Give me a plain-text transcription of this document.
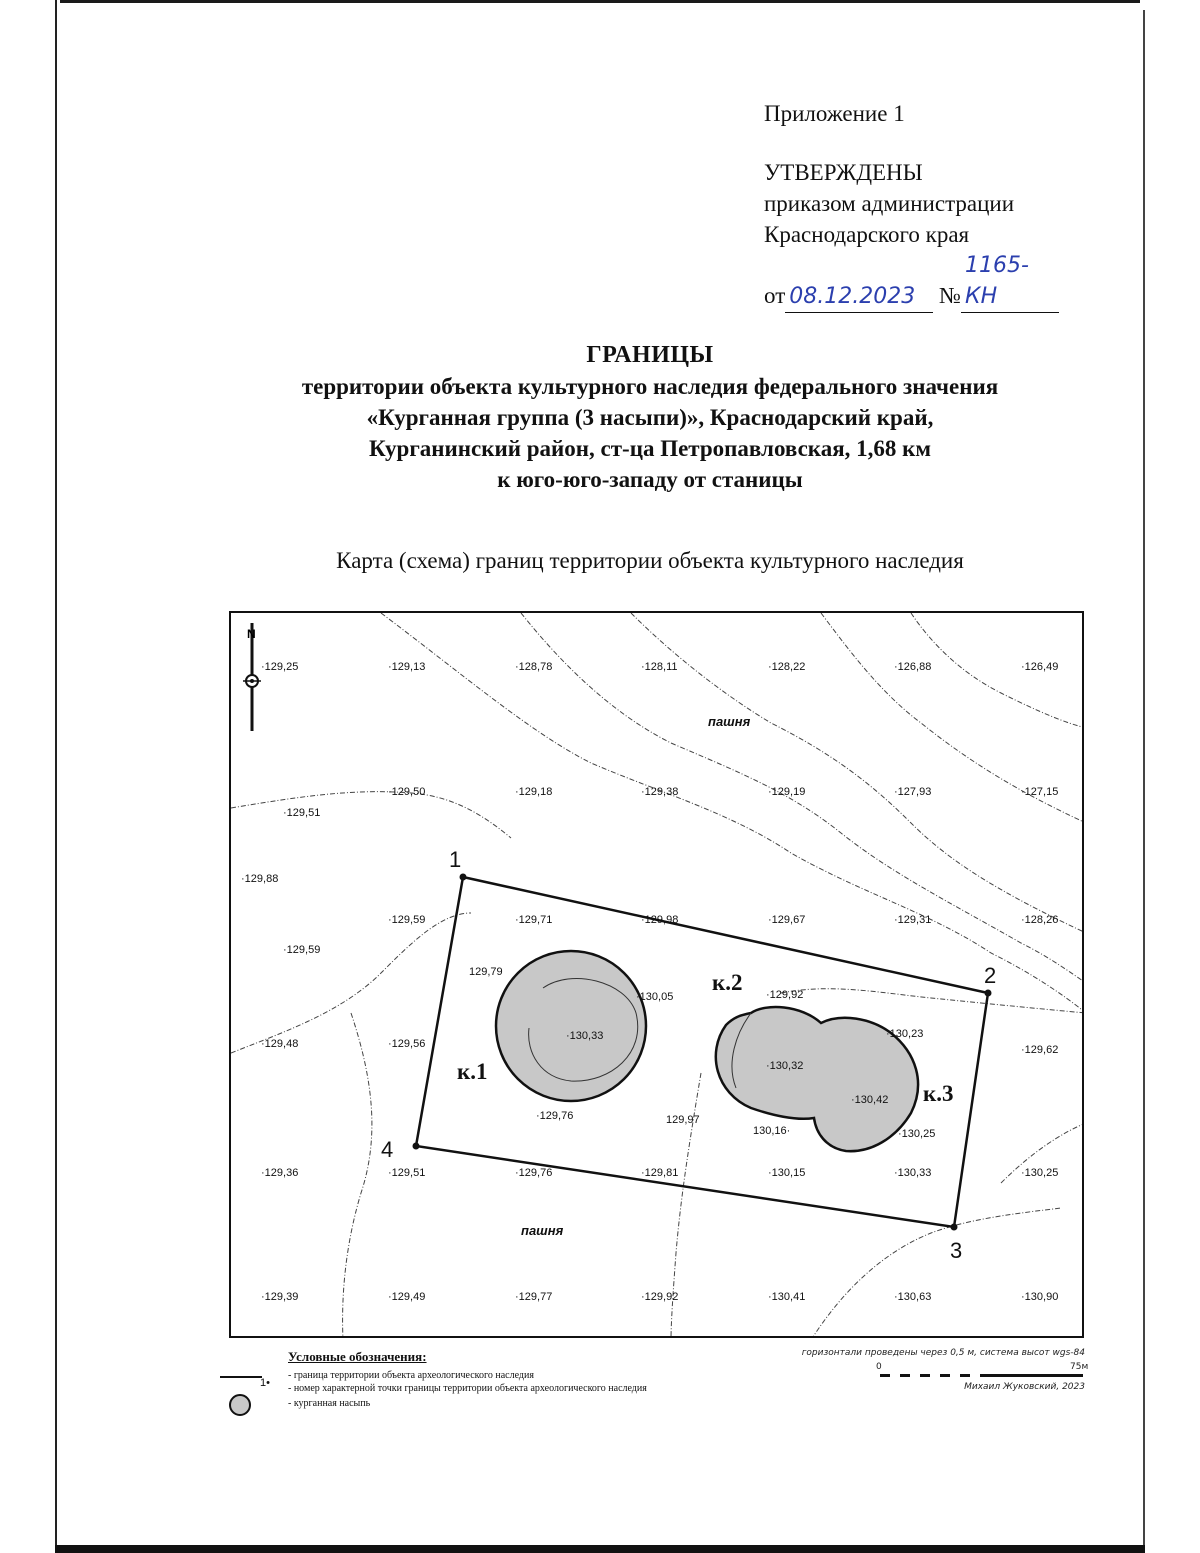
Приложение 1
УТВЕРЖДЕНЫ
приказом администрации
Краснодарского края
от 08.12.2023 №1165-КН
ГРАНИЦЫ
территории объекта культурного наследия федерального значения
«Курганная группа (3 насыпи)», Краснодарский край,
Курганинский район, ст-ца Петропавловская, 1,68 км
к юго-юго-западу от станицы
Карта (схема) границ территории объекта культурного наследия
N
1
2
3
4
к.1
к.2
к.3
пашня
пашня
·129,25	·129,13	·128,78	·128,11	·128,22	·126,88	·126,49
·129,50	·129,18	·129,38	·129,19	·127,93	·127,15
·129,51
·129,88
·129,59	·129,71	·129,98	·129,67	·129,31	·128,26
·129,59
129,79
·130,05	·129,92
·130,33	·130,23
·129,48	·129,56
·130,32
·129,62
·129,76	129,97
·130,42
130,16·	·130,25
·129,36	·129,51	·129,76	·129,81	·130,15	·130,33	·130,25
·129,39	·129,49	·129,77	·129,92	·130,41	·130,63	·130,90
Условные обозначения:
1•
- граница территории объекта археологического наследия
- номер характерной точки границы территории объекта археологического наследия
- курганная насыпь
горизонтали проведены через 0,5 м, система высот wgs-84
0	75м
Михаил Жуковский, 2023
